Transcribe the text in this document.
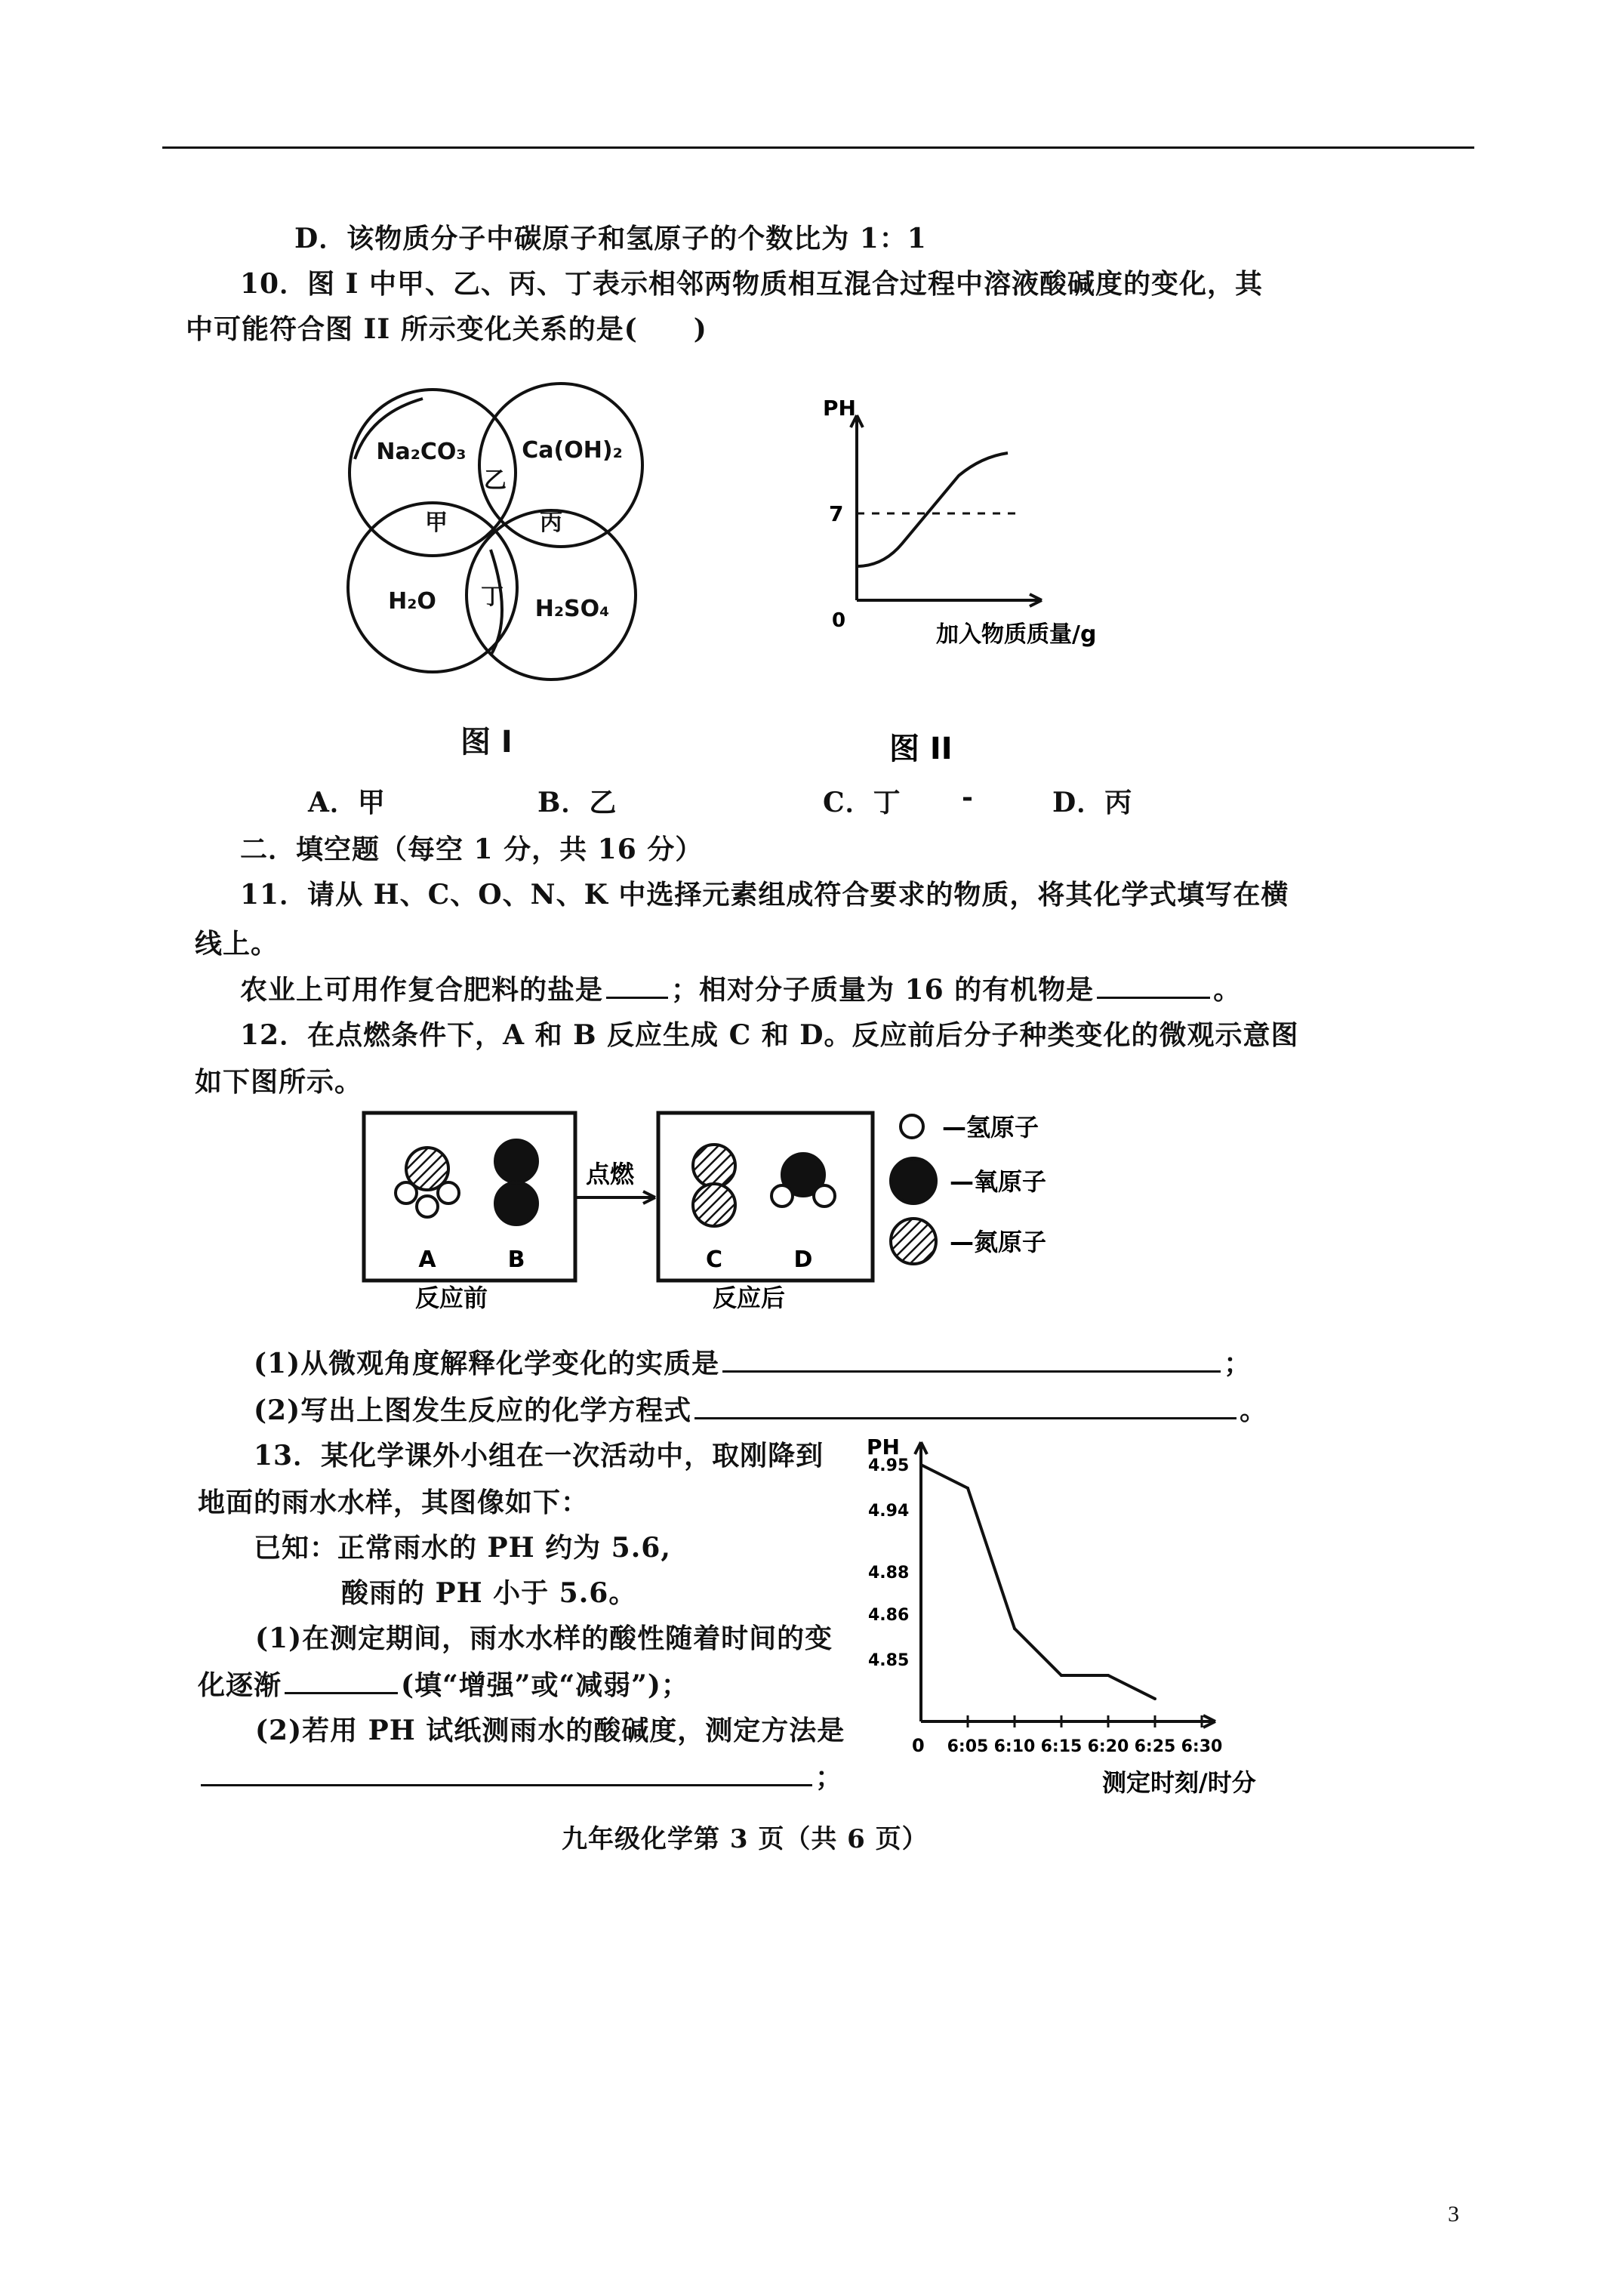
D．该物质分子中碳原子和氢原子的个数比为 1：1
10．图 I 中甲、乙、丙、丁表示相邻两物质相互混合过程中溶液酸碱度的变化，其
中可能符合图 II 所示变化关系的是(　　)
Na₂CO₃ Ca(OH)₂
H₂O	H₂SO₄
甲
乙
丙
丁
图 I
PH
7
0
加入物质质量/g
图 II
A．甲	B．乙	C．丁 -	D．丙
二．填空题（每空 1 分，共 16 分）
11．请从 H、C、O、N、K 中选择元素组成符合要求的物质，将其化学式填写在横
线上。
农业上可用作复合肥料的盐是	；相对分子质量为 16 的有机物是	。
12．在点燃条件下，A 和 B 反应生成 C 和 D。反应前后分子种类变化的微观示意图
如下图所示。
A	B
反应前
点燃
C	D
反应后
—氢原子
—氧原子
—氮原子
(1)从微观角度解释化学变化的实质是	；
(2)写出上图发生反应的化学方程式	。
13．某化学课外小组在一次活动中，取刚降到
地面的雨水水样，其图像如下：
已知：正常雨水的 PH 约为 5.6,
酸雨的 PH 小于 5.6。
(1)在测定期间，雨水水样的酸性随着时间的变
化逐渐	(填“增强”或“减弱”)；
(2)若用 PH 试纸测雨水的酸碱度，测定方法是
；
PH
0
测定时刻/时分
4.95
4.94
4.88
4.86
4.85
6:05 6:10 6:15 6:20 6:25 6:30
九年级化学第 3 页（共 6 页）
3
